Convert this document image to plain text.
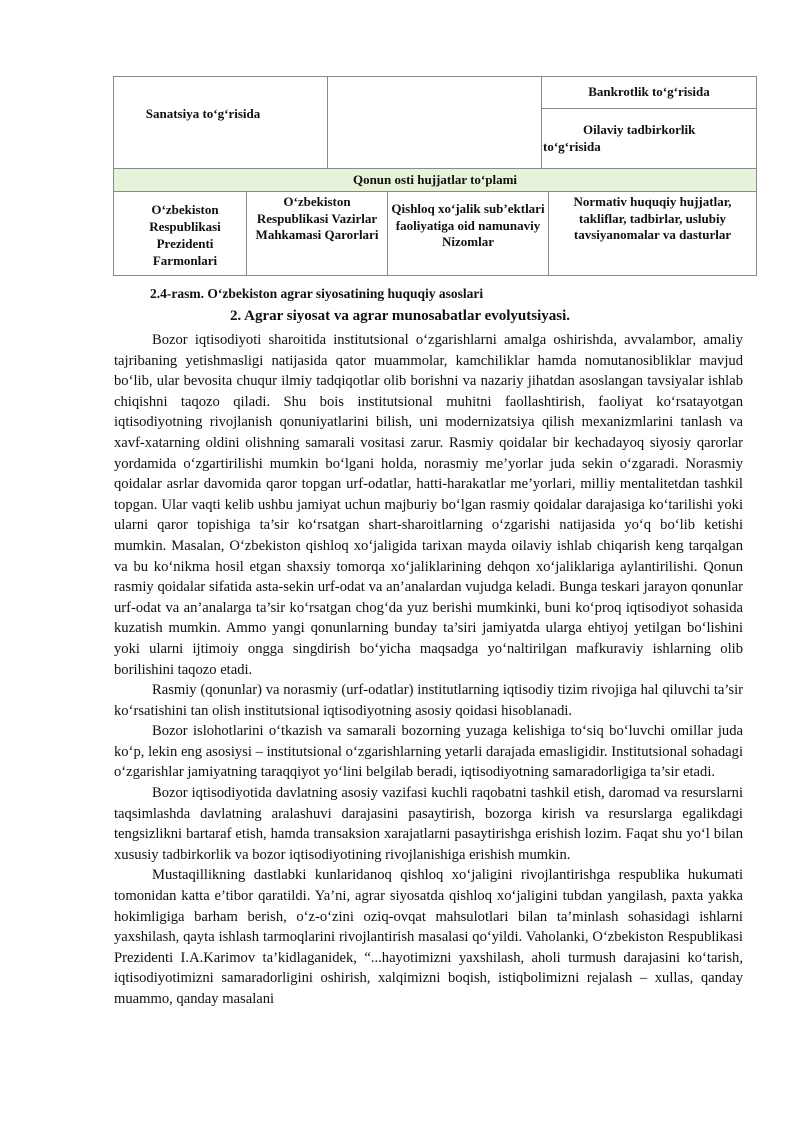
Sanatsiya to‘g‘risida
Bankrotlik to‘g‘risida
Oilaviy tadbirkorlik to‘g‘risida
Qonun osti hujjatlar to‘plami
O‘zbekiston Respublikasi Prezidenti Farmonlari
O‘zbekiston Respublikasi Vazirlar Mahkamasi Qarorlari
Qishloq xo‘jalik sub’ektlari faoliyatiga oid namunaviy Nizomlar
Normativ huquqiy hujjatlar, takliflar, tadbirlar, uslubiy tavsiyanomalar va dasturlar
2.4-rasm. O‘zbekiston agrar siyosatining huquqiy asoslari
2. Agrar siyosat va agrar munosabatlar evolyutsiyasi.

Bozor iqtisodiyoti sharoitida institutsional o‘zgarishlarni amalga oshirishda, avvalambor, amaliy tajribaning yetishmasligi natijasida qator muammolar, kamchiliklar hamda nomutanosibliklar mavjud bo‘lib, ular bevosita chuqur ilmiy tadqiqotlar olib borishni va nazariy jihatdan asoslangan tavsiyalar ishlab chiqishni taqozo qiladi. Shu bois institutsional muhitni faollashtirish, faoliyat ko‘rsatayotgan iqtisodiyotning rivojlanish qonuniyatlarini bilish, uni modernizatsiya qilish mexanizmlarini tanlash va xavf-xatarning oldini olishning samarali vositasi zarur. Rasmiy qoidalar bir kechadayoq siyosiy qarorlar yordamida o‘zgartirilishi mumkin bo‘lgani holda, norasmiy me’yorlar juda sekin o‘zgaradi. Norasmiy qoidalar asrlar davomida qaror topgan urf-odatlar, hatti-harakatlar me’yorlari, milliy mentalitetdan tashkil topgan. Ular vaqti kelib ushbu jamiyat uchun majburiy bo‘lgan rasmiy qoidalar darajasiga ko‘tarilishi yoki ularni qaror topishiga ta’sir ko‘rsatgan shart-sharoitlarning o‘zgarishi natijasida yo‘q bo‘lib ketishi mumkin. Masalan, O‘zbekiston qishloq xo‘jaligida tarixan mayda oilaviy ishlab chiqarish keng tarqalgan va bu ko‘nikma hosil etgan shaxsiy tomorqa xo‘jaliklarining dehqon xo‘jaliklariga aylantirilishi. Qonun rasmiy qoidalar sifatida asta-sekin urf-odat va an’analardan vujudga keladi. Bunga teskari jarayon qonunlar urf-odat va an’analarga ta’sir ko‘rsatgan chog‘da yuz berishi mumkinki, buni ko‘proq iqtisodiyot sohasida kuzatish mumkin. Ammo yangi qonunlarning bunday ta’siri jamiyatda ularga ehtiyoj yetilgan bo‘lishini yoki ularni ijtimoiy ongga singdirish bo‘yicha maqsadga yo‘naltirilgan mafkuraviy ishlarning olib borilishini taqozo etadi.

Rasmiy (qonunlar) va norasmiy (urf-odatlar) institutlarning iqtisodiy tizim rivojiga hal qiluvchi ta’sir ko‘rsatishini tan olish institutsional iqtisodiyotning asosiy qoidasi hisoblanadi.

Bozor islohotlarini o‘tkazish va samarali bozorning yuzaga kelishiga to‘siq bo‘luvchi omillar juda ko‘p, lekin eng asosiysi – institutsional o‘zgarishlarning yetarli darajada emasligidir. Institutsional sohadagi o‘zgarishlar jamiyatning taraqqiyot yo‘lini belgilab beradi, iqtisodiyotning samaradorligiga ta’sir etadi.

Bozor iqtisodiyotida davlatning asosiy vazifasi kuchli raqobatni tashkil etish, daromad va resurslarni taqsimlashda davlatning aralashuvi darajasini pasaytirish, bozorga kirish va resurslarga egalikdagi tengsizlikni bartaraf etish, hamda transaksion xarajatlarni pasaytirishga erishish lozim. Faqat shu yo‘l bilan xususiy tadbirkorlik va bozor iqtisodiyotining rivojlanishiga erishish mumkin.

Mustaqillikning dastlabki kunlaridanoq qishloq xo‘jaligini rivojlantirishga respublika hukumati tomonidan katta e’tibor qaratildi. Ya’ni, agrar siyosatda qishloq xo‘jaligini tubdan yangilash, paxta yakka hokimligiga barham berish, o‘z-o‘zini oziq-ovqat mahsulotlari bilan ta’minlash sohasidagi ishlarni yaxshilash, qayta ishlash tarmoqlarini rivojlantirish masalasi qo‘yildi. Vaholanki, O‘zbekiston Respublikasi Prezidenti I.A.Karimov ta’kidlaganidek, “...hayotimizni yaxshilash, aholi turmush darajasini ko‘tarish, iqtisodiyotimizni samaradorligini oshirish, xalqimizni boqish, istiqbolimizni rejalash – xullas, qanday muammo, qanday masalani
